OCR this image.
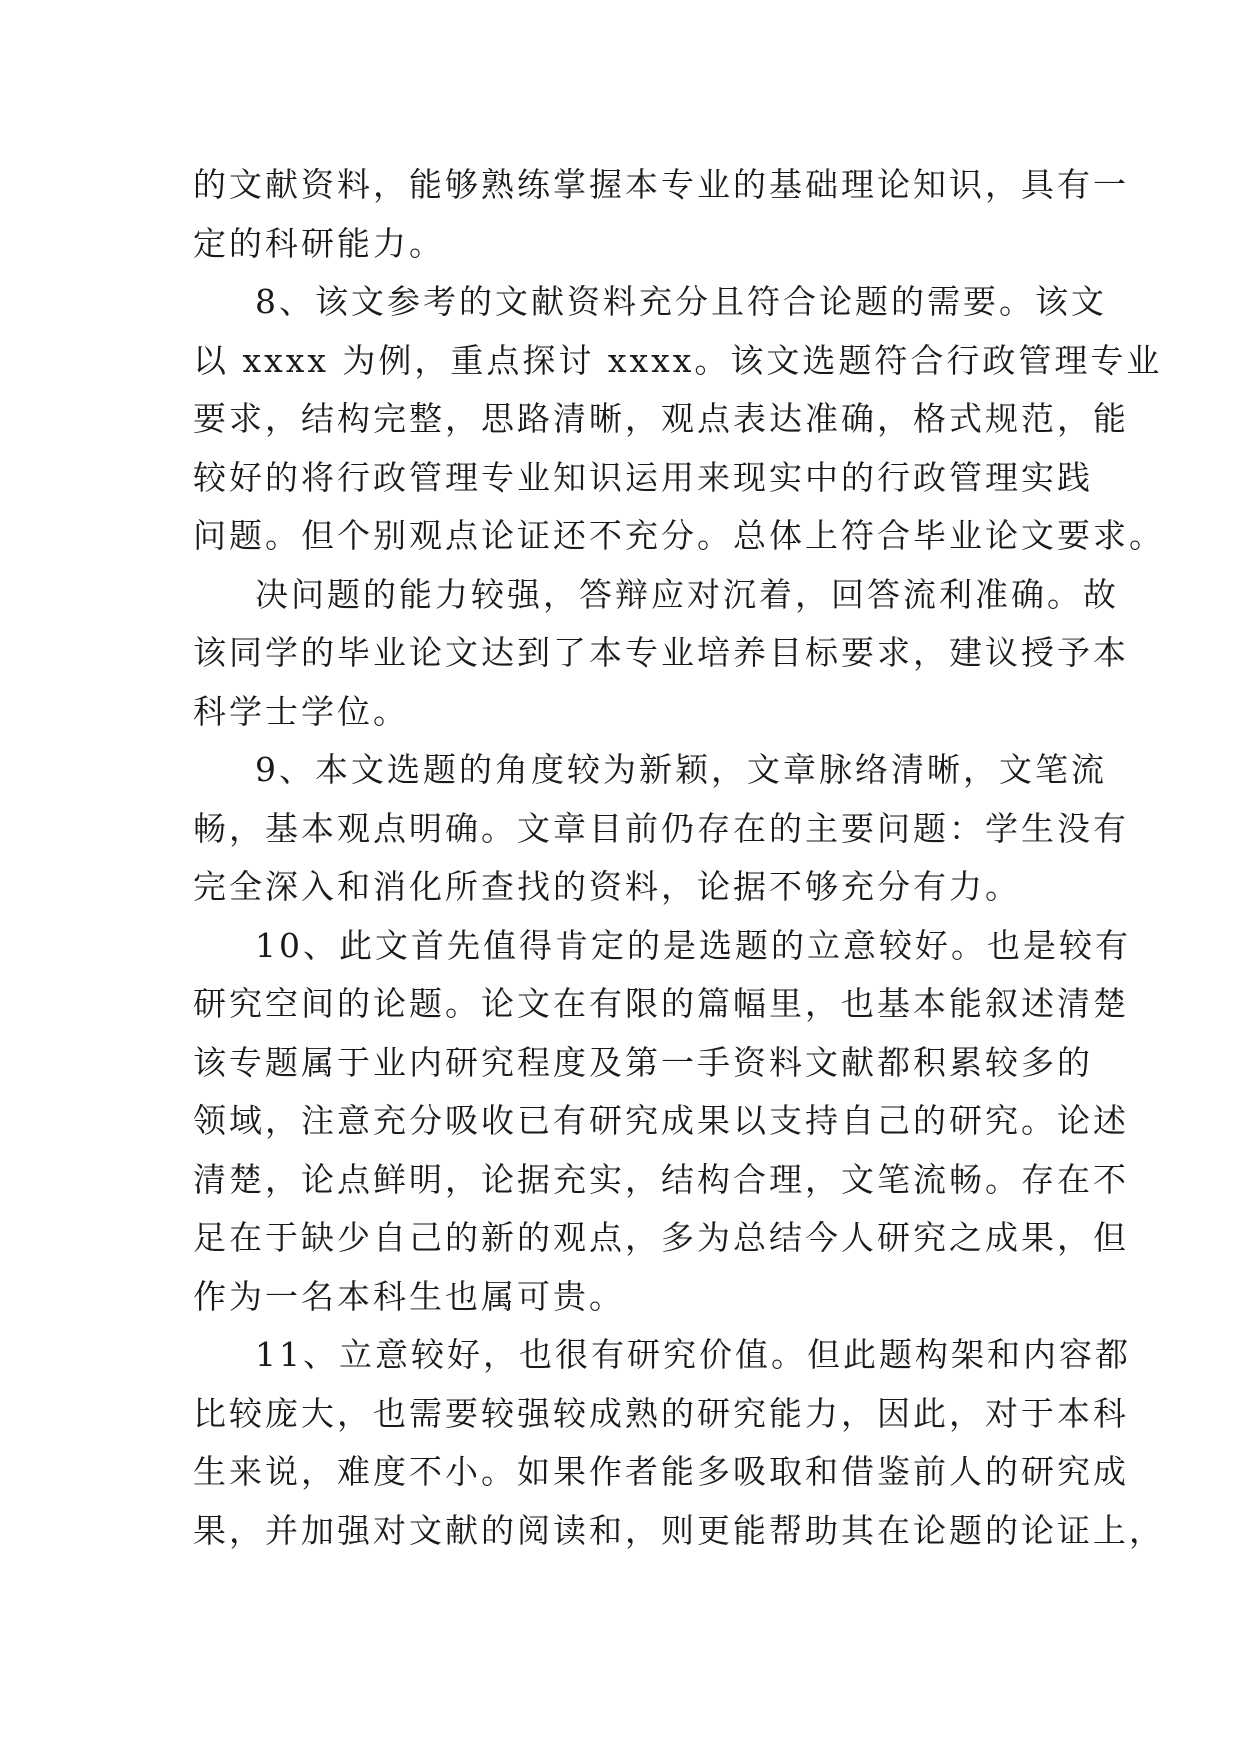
的文献资料，能够熟练掌握本专业的基础理论知识，具有一
定的科研能力。
8、该文参考的文献资料充分且符合论题的需要。该文
以 xxxx 为例，重点探讨 xxxx。该文选题符合行政管理专业
要求，结构完整，思路清晰，观点表达准确，格式规范，能
较好的将行政管理专业知识运用来现实中的行政管理实践
问题。但个别观点论证还不充分。总体上符合毕业论文要求。
决问题的能力较强，答辩应对沉着，回答流利准确。故
该同学的毕业论文达到了本专业培养目标要求，建议授予本
科学士学位。
9、本文选题的角度较为新颖，文章脉络清晰，文笔流
畅，基本观点明确。文章目前仍存在的主要问题：学生没有
完全深入和消化所查找的资料，论据不够充分有力。
10、此文首先值得肯定的是选题的立意较好。也是较有
研究空间的论题。论文在有限的篇幅里，也基本能叙述清楚
该专题属于业内研究程度及第一手资料文献都积累较多的
领域，注意充分吸收已有研究成果以支持自己的研究。论述
清楚，论点鲜明，论据充实，结构合理，文笔流畅。存在不
足在于缺少自己的新的观点，多为总结今人研究之成果，但
作为一名本科生也属可贵。
11、立意较好，也很有研究价值。但此题构架和内容都
比较庞大，也需要较强较成熟的研究能力，因此，对于本科
生来说，难度不小。如果作者能多吸取和借鉴前人的研究成
果，并加强对文献的阅读和，则更能帮助其在论题的论证上，
